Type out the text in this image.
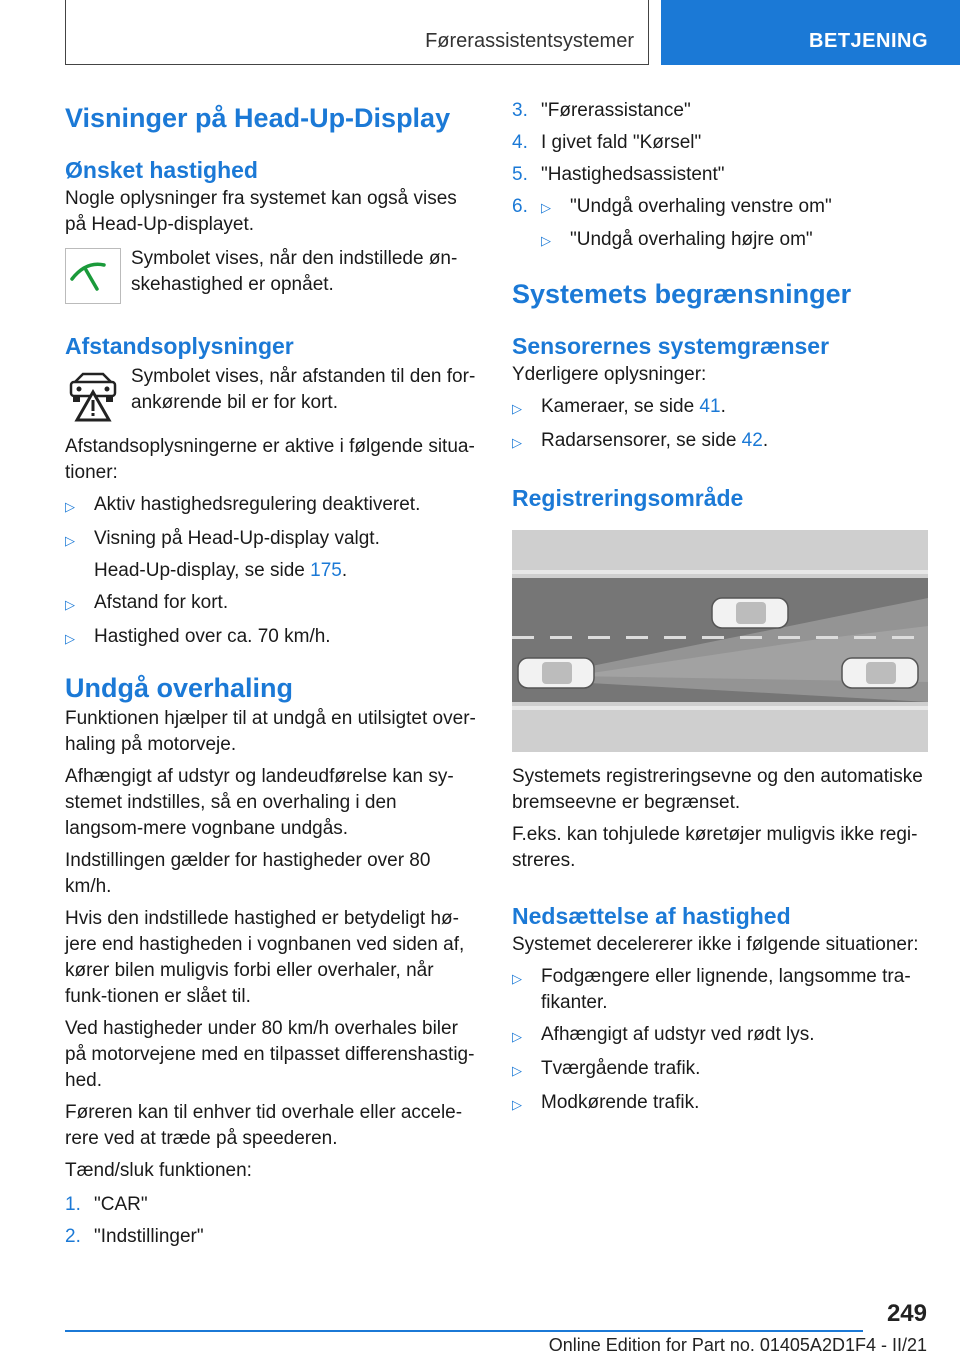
Førerassistentsystemer	BETJENING
Visninger på Head-Up-Display
Ønsket hastighed

Nogle oplysninger fra systemet kan også vises på Head-Up-displayet.

Symbolet vises, når den indstillede øn-skehastighed er opnået.
Afstandsoplysninger
Symbolet vises, når afstanden til den for-ankørende bil er for kort.

Afstandsoplysningerne er aktive i følgende situa-tioner:

▷	Aktiv hastighedsregulering deaktiveret.
▷	Visning på Head-Up-display valgt.
Head-Up-display, se side 175.
▷	Afstand for kort.
▷	Hastighed over ca. 70 km/h.
Undgå overhaling

Funktionen hjælper til at undgå en utilsigtet over-haling på motorveje.

Afhængigt af udstyr og landeudførelse kan sy-stemet indstilles, så en overhaling i den langsom-mere vognbane undgås.

Indstillingen gælder for hastigheder over 80 km/h.

Hvis den indstillede hastighed er betydeligt hø-jere end hastigheden i vognbanen ved siden af, kører bilen muligvis forbi eller overhaler, når funk-tionen er slået til.

Ved hastigheder under 80 km/h overhales biler på motorvejene med en tilpasset differenshastig-hed.

Føreren kan til enhver tid overhale eller accele-rere ved at træde på speederen.

Tænd/sluk funktionen:

1. "CAR"
2. "Indstillinger"
3. "Førerassistance"
4. I givet fald "Kørsel"
5. "Hastighedsassistent"
6.	▷ "Undgå overhaling venstre om"
▷ "Undgå overhaling højre om"
Systemets begrænsninger
Sensorernes systemgrænser

Yderligere oplysninger:

▷	Kameraer, se side 41.
▷	Radarsensorer, se side 42.
Registreringsområde

Systemets registreringsevne og den automatiske bremseevne er begrænset.

F.eks. kan tohjulede køretøjer muligvis ikke regi-streres.

Nedsættelse af hastighed

Systemet decelererer ikke i følgende situationer:

▷	Fodgængere eller lignende, langsomme tra-fikanter.
▷	Afhængigt af udstyr ved rødt lys.
▷	Tværgående trafik.
▷	Modkørende trafik.
249
Online Edition for Part no. 01405A2D1F4 - II/21
